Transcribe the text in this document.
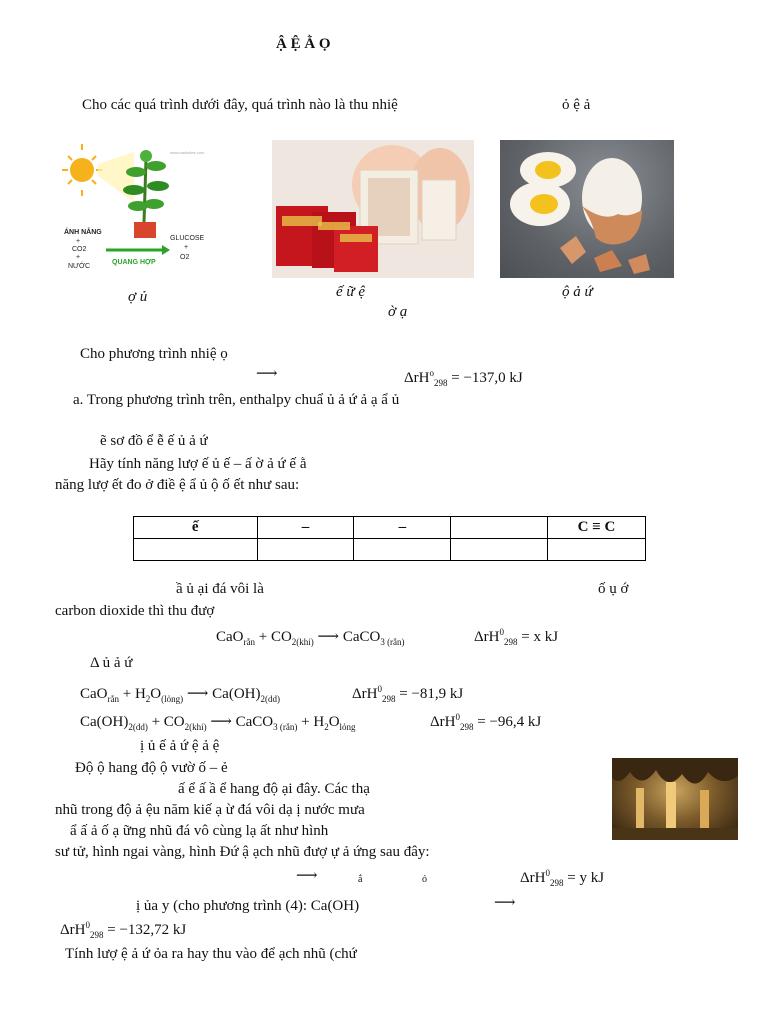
Ậ Ệ Ằ Ọ
Cho các quá trình dưới đây, quá trình nào là thu nhiệ	ỏ ệ ả
ÁNH NẮNG
+
CO2
+
NƯỚC
QUANG HỢP
GLUCOSE
+
O2
www.dadlsbee.com
ợ ủ	ế ữ ệ
ờ ạ
ộ ả ứ
Cho phương trình nhiệ ọ
⟶	ΔrH$^o_{298}$ = −137,0 kJ
a. Trong phương trình trên, enthalpy chuẩ ủ ả ứ ả ạ ẩ ủ
ẽ sơ đồ ể ễ ế ủ ả ứ
Hãy tính năng lượ ế ủ ế – ấ ờ ả ứ ế ằ
năng lượ ết đo ở điề ệ ẩ ủ ộ ố ết như sau:
ế	–	–		C ≡ C

ầ ủ ại đá vôi là	ố ụ ớ
carbon dioxide thì thu đượ
$CaO_{rắn} + CO_{2(khí)}$ ⟶ CaCO$_{3 (rắn)}$	ΔrH$^0_{298}$ = x kJ
Δ ủ ả ứ
$CaO_{rắn} + H_2O_{(lỏng)}$ ⟶ $Ca(OH)_{2(dd)}$	ΔrH$^0_{298}$ = −81,9 kJ
$Ca(OH)_{2(dd)} + CO_{2(khí)}$ ⟶ CaCO$_{3 (rắn)}$ + $H_2O_{lỏng}$	ΔrH$^0_{298}$ = −96,4 kJ
ị ủ ế ả ứ ệ ả ệ
Độ ộ hang độ ộ vườ ố – ẻ
ấ ể ấ ầ ể hang độ ại đây. Các thạ
nhũ trong độ ả ệu năm kiế ạ ừ đá vôi dạ ị nước mưa
ẩ ấ ả ố ạ ững nhũ đá vô cùng lạ ất như hình
sư tử, hình ngai vàng, hình Đứ ậ ạch nhũ đượ ự ả ứng sau đây:
⟶	ắ	ỏ	ΔrH$^0_{298}$ = y kJ
ị ủa y (cho phương trình (4): Ca(OH)	⟶
ΔrH$^0_{298}$ = −132,72 kJ
Tính lượ ệ ả ứ ỏa ra hay thu vào để ạch nhũ (chứ
